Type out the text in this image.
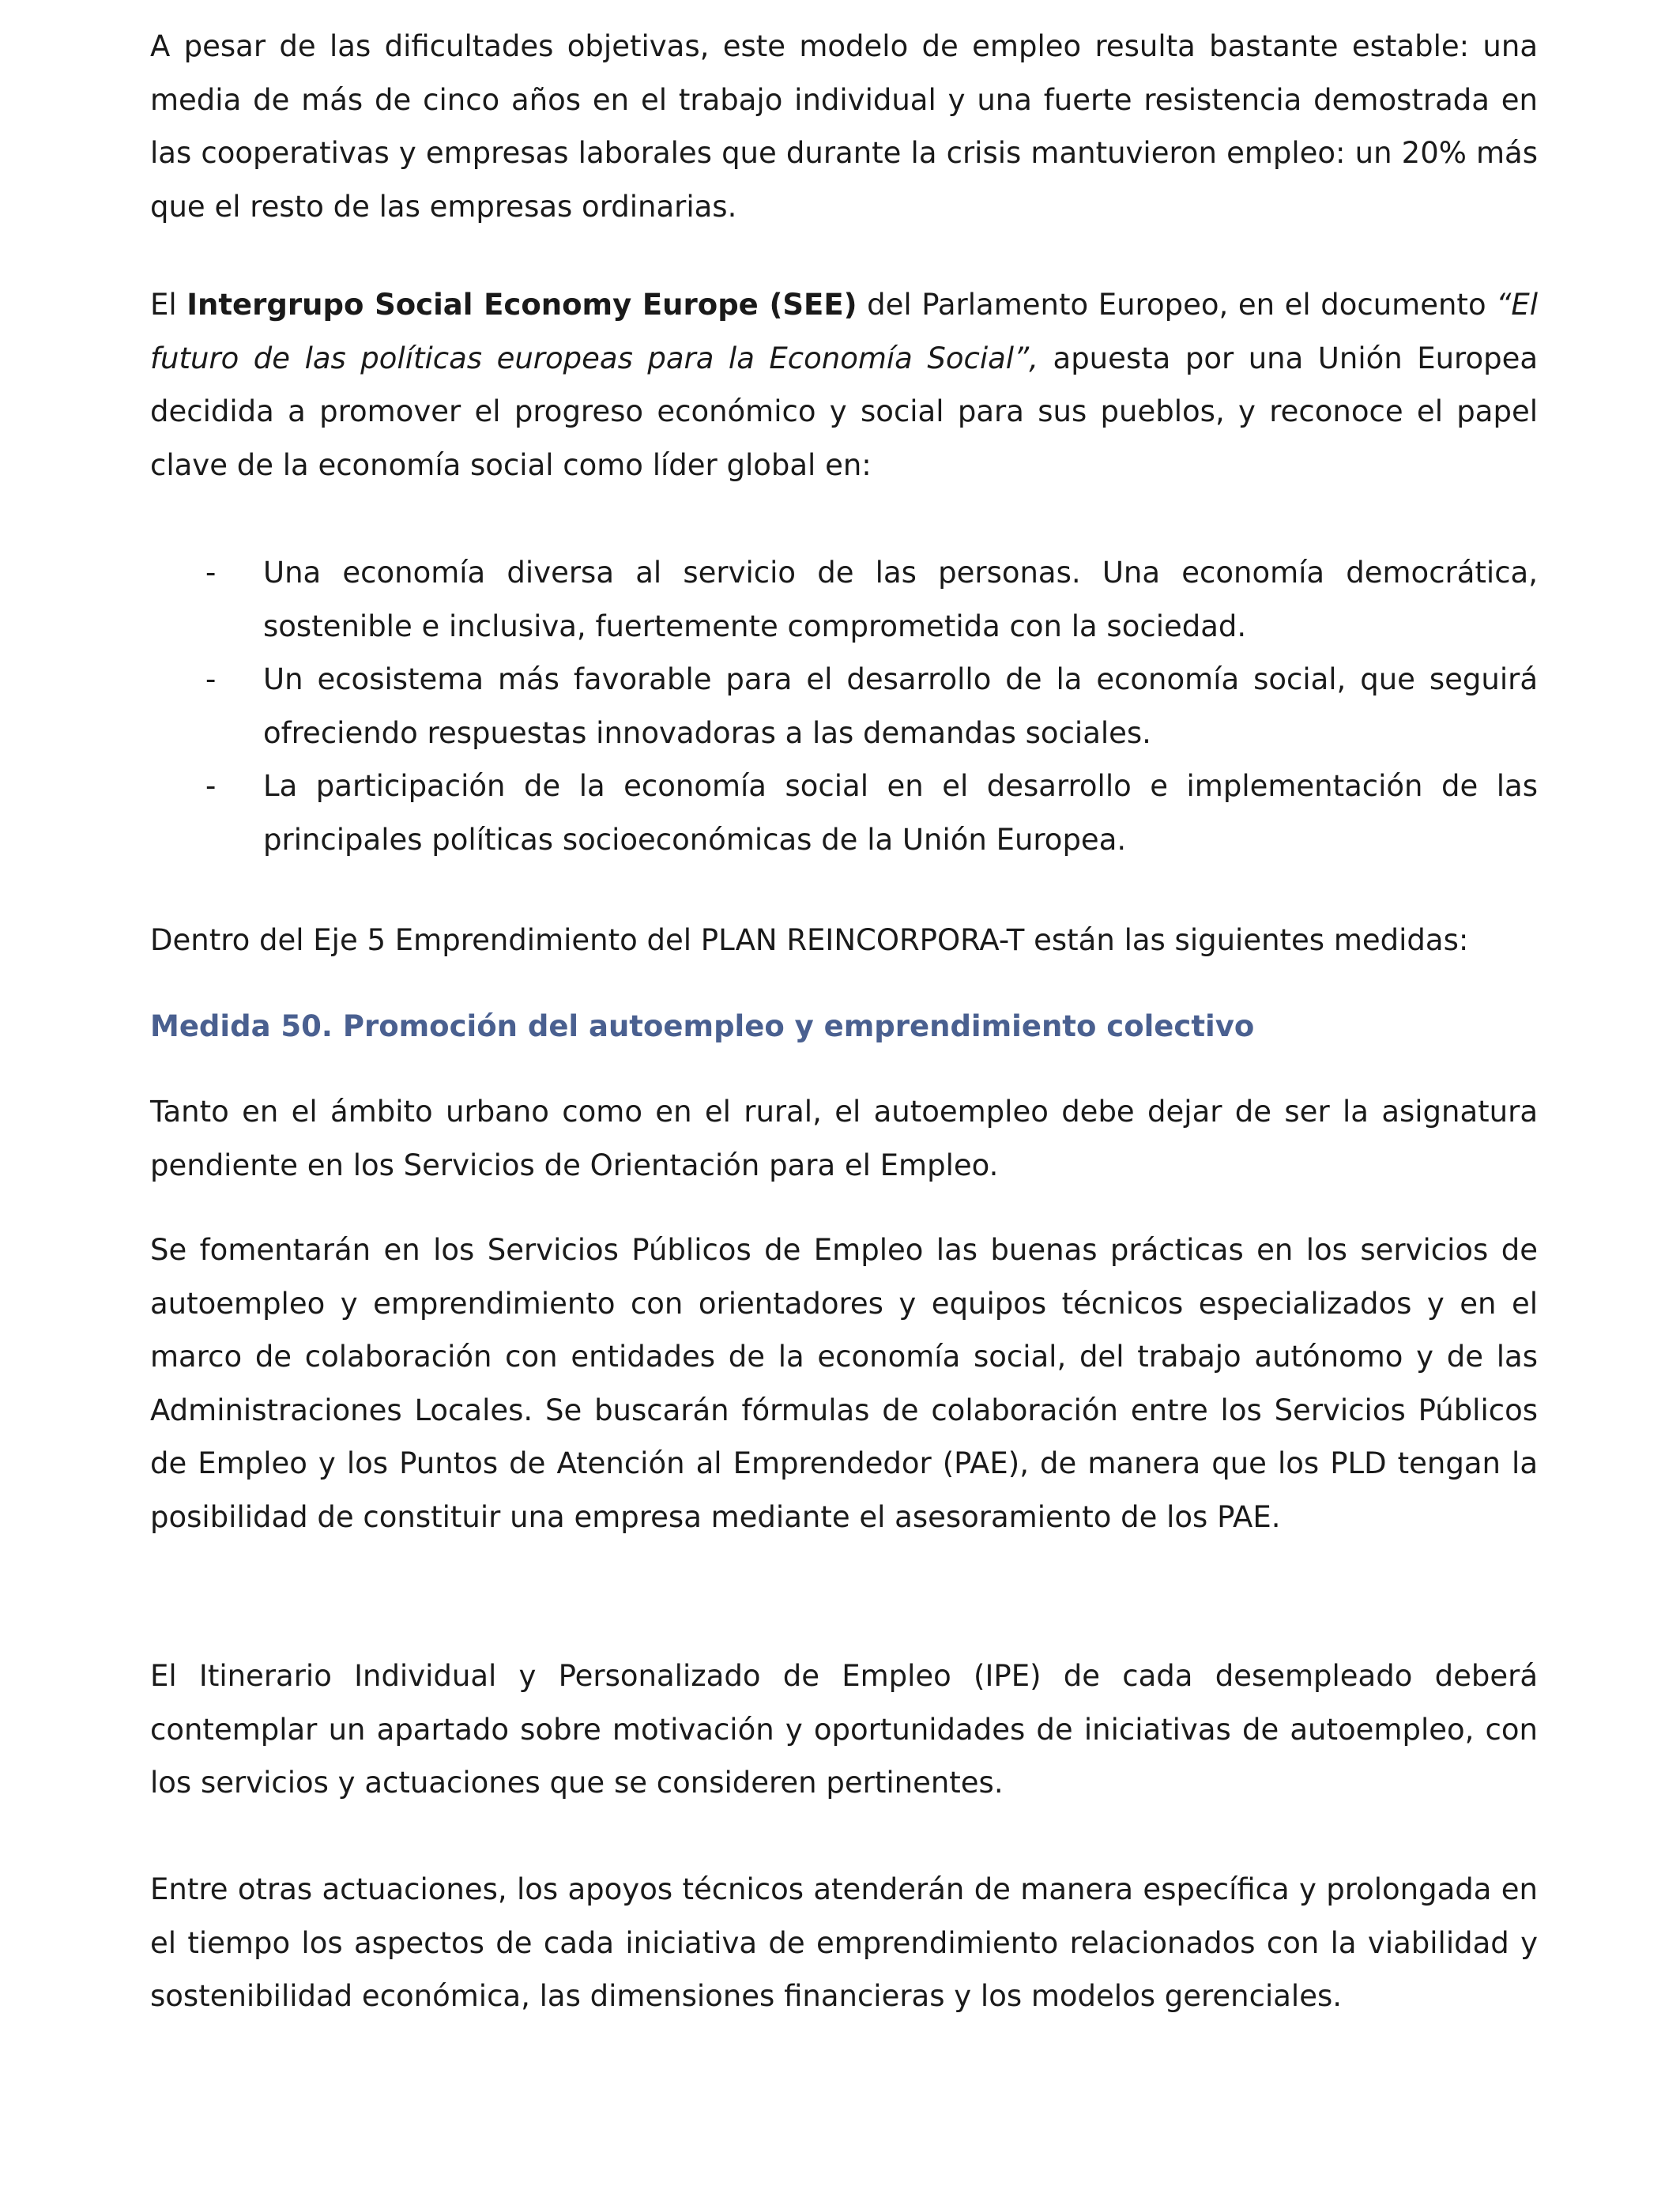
A pesar de las dificultades objetivas, este modelo de empleo resulta bastante estable: una media de más de cinco años en el trabajo individual y una fuerte resistencia demostrada en las cooperativas y empresas laborales que durante la crisis mantuvieron empleo: un 20% más que el resto de las empresas ordinarias.

El Intergrupo Social Economy Europe (SEE) del Parlamento Europeo, en el documento “El futuro de las políticas europeas para la Economía Social”, apuesta por una Unión Europea decidida a promover el progreso económico y social para sus pueblos, y reconoce el papel clave de la economía social como líder global en:

- Una economía diversa al servicio de las personas. Una economía democrática, sostenible e inclusiva, fuertemente comprometida con la sociedad.
- Un ecosistema más favorable para el desarrollo de la economía social, que seguirá ofreciendo respuestas innovadoras a las demandas sociales.
- La participación de la economía social en el desarrollo e implementación de las principales políticas socioeconómicas de la Unión Europea.

Dentro del Eje 5 Emprendimiento del PLAN REINCORPORA-T están las siguientes medidas:

Medida 50. Promoción del autoempleo y emprendimiento colectivo

Tanto en el ámbito urbano como en el rural, el autoempleo debe dejar de ser la asignatura pendiente en los Servicios de Orientación para el Empleo.

Se fomentarán en los Servicios Públicos de Empleo las buenas prácticas en los servicios de autoempleo y emprendimiento con orientadores y equipos técnicos especializados y en el marco de colaboración con entidades de la economía social, del trabajo autónomo y de las Administraciones Locales. Se buscarán fórmulas de colaboración entre los Servicios Públicos de Empleo y los Puntos de Atención al Emprendedor (PAE), de manera que los PLD tengan la posibilidad de constituir una empresa mediante el asesoramiento de los PAE.

El Itinerario Individual y Personalizado de Empleo (IPE) de cada desempleado deberá contemplar un apartado sobre motivación y oportunidades de iniciativas de autoempleo, con los servicios y actuaciones que se consideren pertinentes.

Entre otras actuaciones, los apoyos técnicos atenderán de manera específica y prolongada en el tiempo los aspectos de cada iniciativa de emprendimiento relacionados con la viabilidad y sostenibilidad económica, las dimensiones financieras y los modelos gerenciales.
